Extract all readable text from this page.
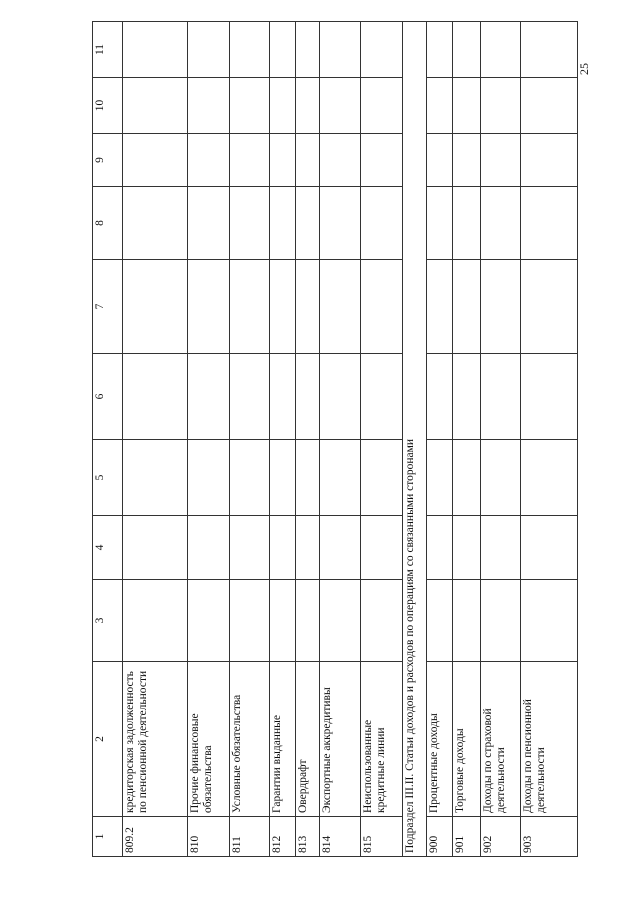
25
1	2	3	4	5	6	7	8	9	10	11
809.2	кредиторская задолженность по пенсионной деятельности									
810	Прочие финансовые обязательства									
811	Условные обязательства									
812	Гарантии выданные									
813	Овердрафт									
814	Экспортные аккредитивы									
815	Неиспользованные кредитные линии									
Подраздел III.II. Статьи доходов и расходов по операциям со связанными сторонами										
900	Процентные доходы									
901	Торговые доходы									
902	Доходы по страховой деятельности									
903	Доходы по пенсионной деятельности									
